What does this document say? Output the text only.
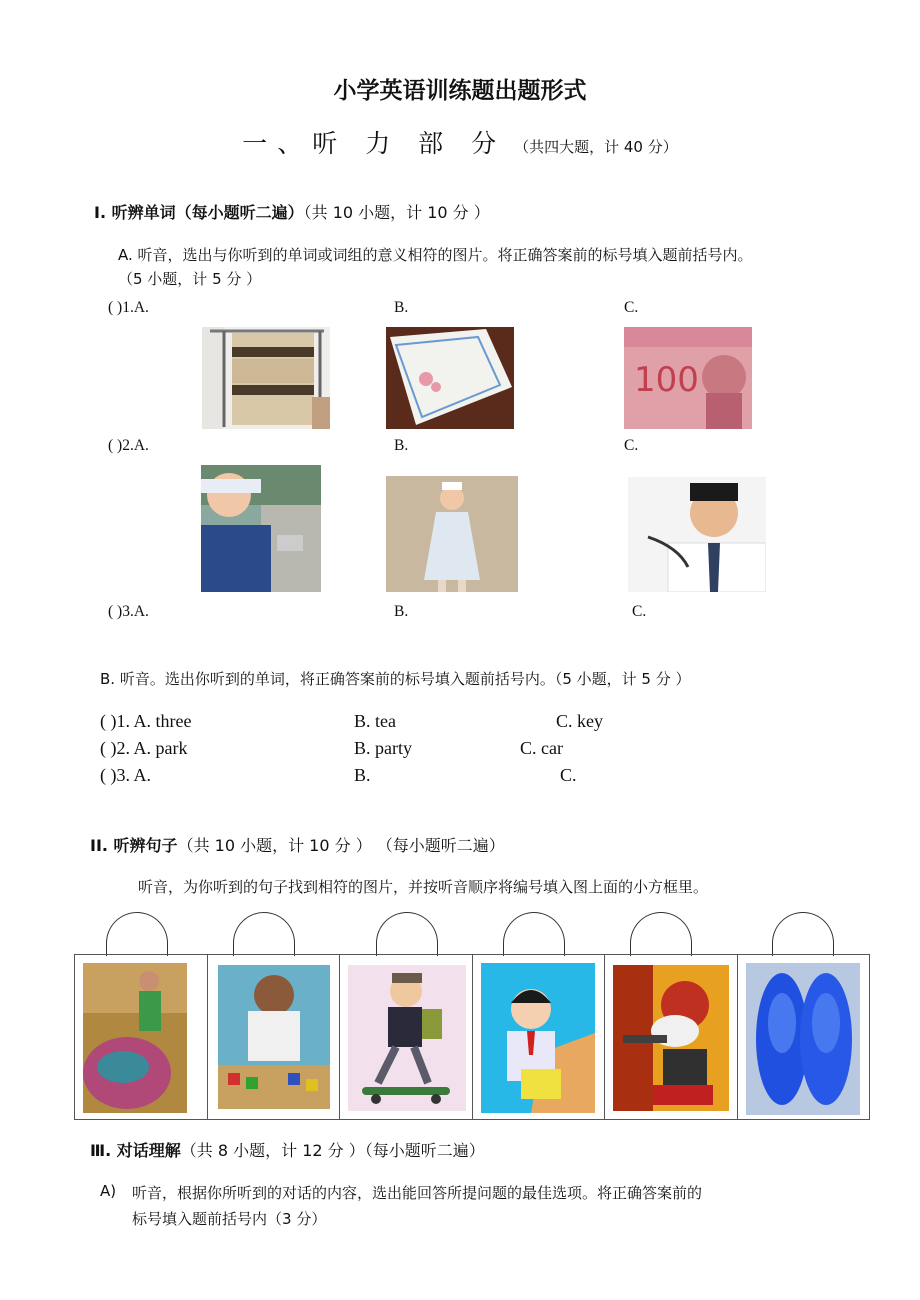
小学英语训练题出题形式
一、听 力 部 分 （共四大题，计 40 分）
Ⅰ. 听辨单词（每小题听二遍）（共 10 小题，计 10 分 ）
A. 听音，选出与你听到的单词或词组的意义相符的图片。将正确答案前的标号填入题前括号内。
（5 小题，计 5 分 ）
( )1.A.	B.	C.
100
( )2.A.	B.	C.
( )3.A.	B.	C.
B. 听音。选出你听到的单词，将正确答案前的标号填入题前括号内。（5 小题，计 5 分 ）
( )1. A. three	B. tea	C. key
( )2. A. park	B. party	C. car
( )3. A.	B.	C.
II. 听辨句子（共 10 小题，计 10 分 ） （每小题听二遍）
听音，为你听到的句子找到相符的图片，并按听音顺序将编号填入图上面的小方框里。
Ⅲ. 对话理解（共 8 小题，计 12 分 ）（每小题听二遍）
A) 听音，根据你所听到的对话的内容，选出能回答所提问题的最佳选项。将正确答案前的
标号填入题前括号内（3 分）
